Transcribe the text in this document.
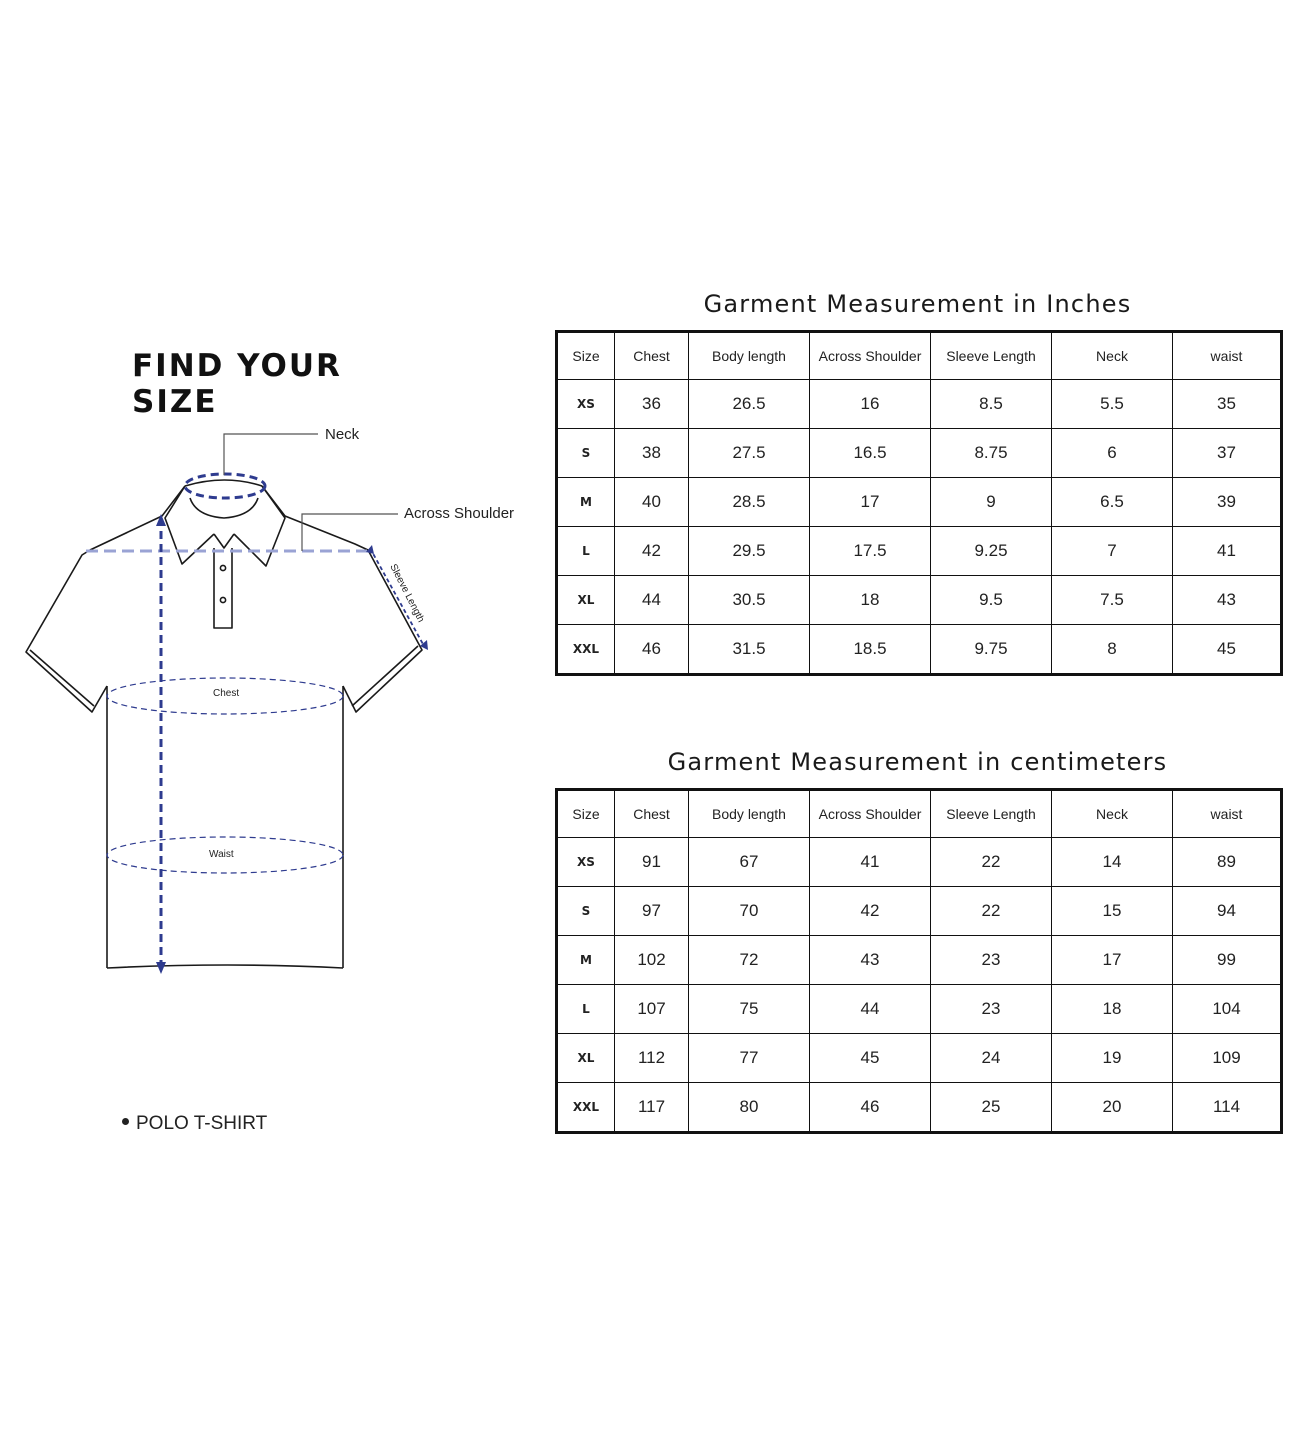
FIND YOUR SIZE
Neck
Across Shoulder
Sleeve Length
Chest
Waist
POLO T-SHIRT
Garment Measurement in Inches
Size	Chest	Body length	Across Shoulder	Sleeve Length	Neck	waist
XS	36	26.5	16	8.5	5.5	35
S	38	27.5	16.5	8.75	6	37
M	40	28.5	17	9	6.5	39
L	42	29.5	17.5	9.25	7	41
XL	44	30.5	18	9.5	7.5	43
XXL	46	31.5	18.5	9.75	8	45
Garment Measurement in centimeters
Size	Chest	Body length	Across Shoulder	Sleeve Length	Neck	waist
XS	91	67	41	22	14	89
S	97	70	42	22	15	94
M	102	72	43	23	17	99
L	107	75	44	23	18	104
XL	112	77	45	24	19	109
XXL	117	80	46	25	20	114
